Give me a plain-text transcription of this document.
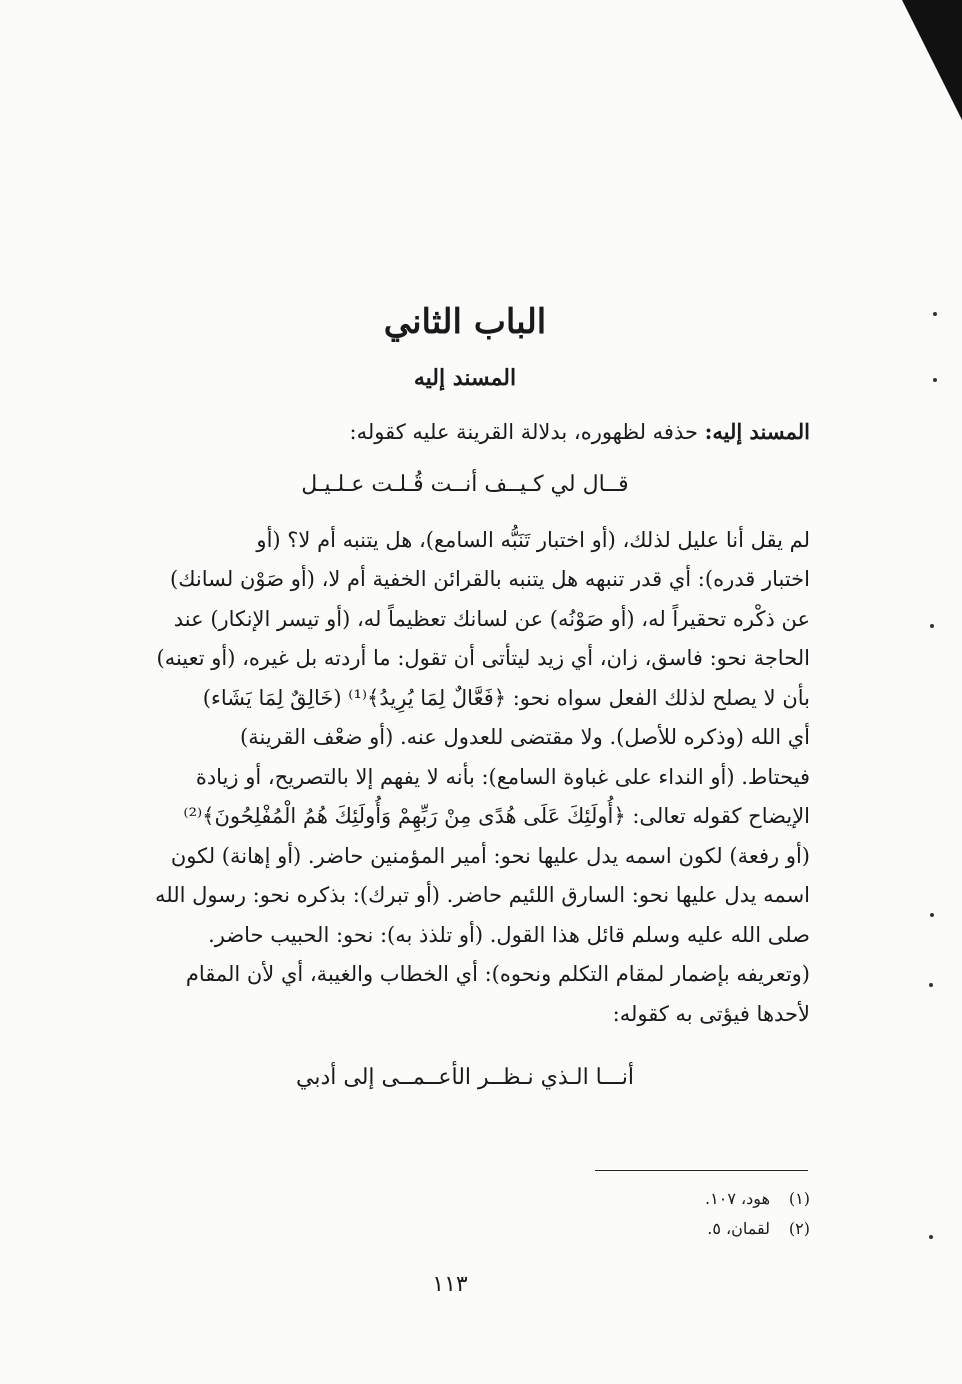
الباب الثاني
المسند إليه

المسند إليه: حذفه لظهوره، بدلالة القرينة عليه كقوله:

قــال لي كـيــف أنــت قُـلـت عـلـيـل
لم يقل أنا عليل لذلك، (أو اختبار تَنَبُّه السامع)، هل يتنبه أم لا؟ (أو
اختبار قدره): أي قدر تنبهه هل يتنبه بالقرائن الخفية أم لا، (أو صَوْن لسانك)
عن ذكْره تحقيراً له، (أو صَوْنُه) عن لسانك تعظيماً له، (أو تيسر الإنكار) عند
الحاجة نحو: فاسق، زان، أي زيد ليتأتى أن تقول: ما أردته بل غيره، (أو تعينه)
بأن لا يصلح لذلك الفعل سواه نحو: ﴿فَعَّالٌ لِمَا يُرِيدُ﴾⁽¹⁾ (خَالِقٌ لِمَا يَشَاء)
أي الله (وذكره للأصل). ولا مقتضى للعدول عنه. (أو ضعْف القرينة)
فيحتاط. (أو النداء على غباوة السامع): بأنه لا يفهم إلا بالتصريح، أو زيادة
الإيضاح كقوله تعالى: ﴿أُولَئِكَ عَلَى هُدًى مِنْ رَبِّهِمْ وَأُولَئِكَ هُمُ الْمُفْلِحُونَ﴾⁽²⁾
(أو رفعة) لكون اسمه يدل عليها نحو: أمير المؤمنين حاضر. (أو إهانة) لكون
اسمه يدل عليها نحو: السارق اللئيم حاضر. (أو تبرك): بذكره نحو: رسول الله
صلى الله عليه وسلم قائل هذا القول. (أو تلذذ به): نحو: الحبيب حاضر.
(وتعريفه بإضمار لمقام التكلم ونحوه): أي الخطاب والغيبة، أي لأن المقام
لأحدها فيؤتى به كقوله:
أنـــا الـذي نـظــر الأعــمــى إلى أدبي
(١)هود، ١٠٧.
(٢)لقمان، ٥.
١١٣
